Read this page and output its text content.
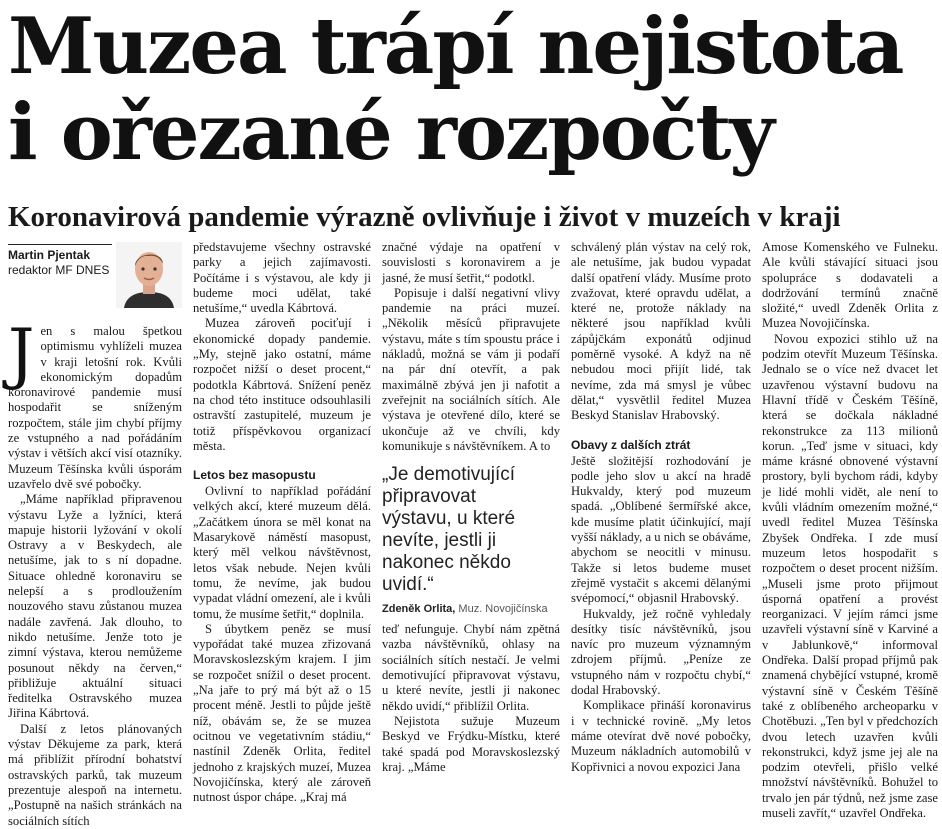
Muzea trápí nejistota
i ořezané rozpočty
Koronavirová pandemie výrazně ovlivňuje i život v muzeích v kraji
Martin Pjentak
redaktor MF DNES
J en s malou špetkou optimismu vyhlíželi muzea v kraji letošní rok. Kvůli ekonomickým dopadům koronavirové pandemie musí hospodařit se sníženým rozpočtem, stále jim chybí příjmy ze vstupného a nad pořádáním výstav i větších akcí visí otazníky. Muzeum Těšínska kvůli úsporám uzavřelo dvě své pobočky.

„Máme například připravenou výstavu Lyže a lyžníci, která mapuje historii lyžování v okolí Ostravy a v Beskydech, ale netušíme, jak to s ní dopadne. Situace ohledně koronaviru se nelepší a s prodloužením nouzového stavu zůstanou muzea nadále zavřená. Jak dlouho, to nikdo netušíme. Jenže toto je zimní výstava, kterou nemůžeme posunout někdy na červen,“ přibližuje aktuální situaci ředitelka Ostravského muzea Jiřina Kábrtová.

Další z letos plánovaných výstav Děkujeme za park, která má přiblížit přírodní bohatství ostravských parků, tak muzeum prezentuje alespoň na internetu. „Postupně na našich stránkách na sociálních sítích

představujeme všechny ostravské parky a jejich zajímavosti. Počítáme i s výstavou, ale kdy ji budeme moci udělat, také netušíme,“ uvedla Kábrtová.

Muzea zároveň pociťují i ekonomické dopady pandemie. „My, stejně jako ostatní, máme rozpočet nižší o deset procent,“ podotkla Kábrtová. Snížení peněz na chod této instituce odsouhlasili ostravští zastupitelé, muzeum je totiž příspěvkovou organizací města.

Letos bez masopustu

Ovlivní to například pořádání velkých akcí, které muzeum dělá. „Začátkem února se měl konat na Masarykově náměstí masopust, který měl velkou návštěvnost, letos však nebude. Nejen kvůli tomu, že nevíme, jak budou vypadat vládní omezení, ale i kvůli tomu, že musíme šetřit,“ doplnila.

S úbytkem peněz se musí vypořádat také muzea zřizovaná Moravskoslezským krajem. I jim se rozpočet snížil o deset procent. „Na jaře to prý má být až o 15 procent méně. Jestli to půjde ještě níž, obávám se, že se muzea ocitnou ve vegetativním stádiu,“ nastínil Zdeněk Orlita, ředitel jednoho z krajských muzeí, Muzea Novojičínska, který ale zároveň nutnost úspor chápe. „Kraj má

značné výdaje na opatření v souvislosti s koronavirem a je jasné, že musí šetřit,“ podotkl.

Popisuje i další negativní vlivy pandemie na práci muzeí. „Několik měsíců připravujete výstavu, máte s tím spoustu práce i nákladů, možná se vám ji podaří na pár dní otevřít, a pak maximálně zbývá jen ji nafotit a zveřejnit na sociálních sítích. Ale výstava je otevřené dílo, které se ukončuje až ve chvíli, kdy komunikuje s návštěvníkem. A to

„Je demotivující připravovat výstavu, u které nevíte, jestli ji nakonec někdo uvidí.“
Zdeněk Orlita, Muz. Novojičínska

teď nefunguje. Chybí nám zpětná vazba návštěvníků, ohlasy na sociálních sítích nestačí. Je velmi demotivující připravovat výstavu, u které nevíte, jestli ji nakonec někdo uvidí,“ přiblížil Orlita.

Nejistota sužuje Muzeum Beskyd ve Frýdku-Místku, které také spadá pod Moravskoslezský kraj. „Máme

schválený plán výstav na celý rok, ale netušíme, jak budou vypadat další opatření vlády. Musíme proto zvažovat, které opravdu udělat, a které ne, protože náklady na některé jsou například kvůli zápůjčkám exponátů odjinud poměrně vysoké. A když na ně nebudou moci přijít lidé, tak nevíme, zda má smysl je vůbec dělat,“ vysvětlil ředitel Muzea Beskyd Stanislav Hrabovský.

Obavy z dalších ztrát

Ještě složitější rozhodování je podle jeho slov u akcí na hradě Hukvaldy, který pod muzeum spadá. „Oblíbené šermířské akce, kde musíme platit účinkující, mají vyšší náklady, a u nich se obáváme, abychom se neocitli v minusu. Takže si letos budeme muset zřejmě vystačit s akcemi dělanými svépomocí,“ objasnil Hrabovský.

Hukvaldy, jež ročně vyhledaly desítky tisíc návštěvníků, jsou navíc pro muzeum významným zdrojem příjmů. „Peníze ze vstupného nám v rozpočtu chybí,“ dodal Hrabovský.

Komplikace přináší koronavirus i v technické rovině. „My letos máme otevírat dvě nové pobočky, Muzeum nákladních automobilů v Kopřivnici a novou expozici Jana

Amose Komenského ve Fulneku. Ale kvůli stávající situaci jsou spolupráce s dodavateli a dodržování termínů značně složité,“ uvedl Zdeněk Orlita z Muzea Novojičínska.

Novou expozici stihlo už na podzim otevřít Muzeum Těšínska. Jednalo se o více než dvacet let uzavřenou výstavní budovu na Hlavní třídě v Českém Těšíně, která se dočkala nákladné rekonstrukce za 113 milionů korun. „Teď jsme v situaci, kdy máme krásné obnovené výstavní prostory, byli bychom rádi, kdyby je lidé mohli vidět, ale není to kvůli vládním omezením možné,“ uvedl ředitel Muzea Těšínska Zbyšek Ondřeka. I zde musí muzeum letos hospodařit s rozpočtem o deset procent nižším. „Museli jsme proto přijmout úsporná opatření a provést reorganizaci. V jejím rámci jsme uzavřeli výstavní síně v Karviné a v Jablunkově,“ informoval Ondřeka. Další propad příjmů pak znamená chybějící vstupné, kromě výstavní síně v Českém Těšíně také z oblíbeného archeoparku v Chotěbuzi. „Ten byl v předchozích dvou letech uzavřen kvůli rekonstrukci, když jsme jej ale na podzim otevřeli, přišlo velké množství návštěvníků. Bohužel to trvalo jen pár týdnů, než jsme zase museli zavřít,“ uzavřel Ondřeka.
